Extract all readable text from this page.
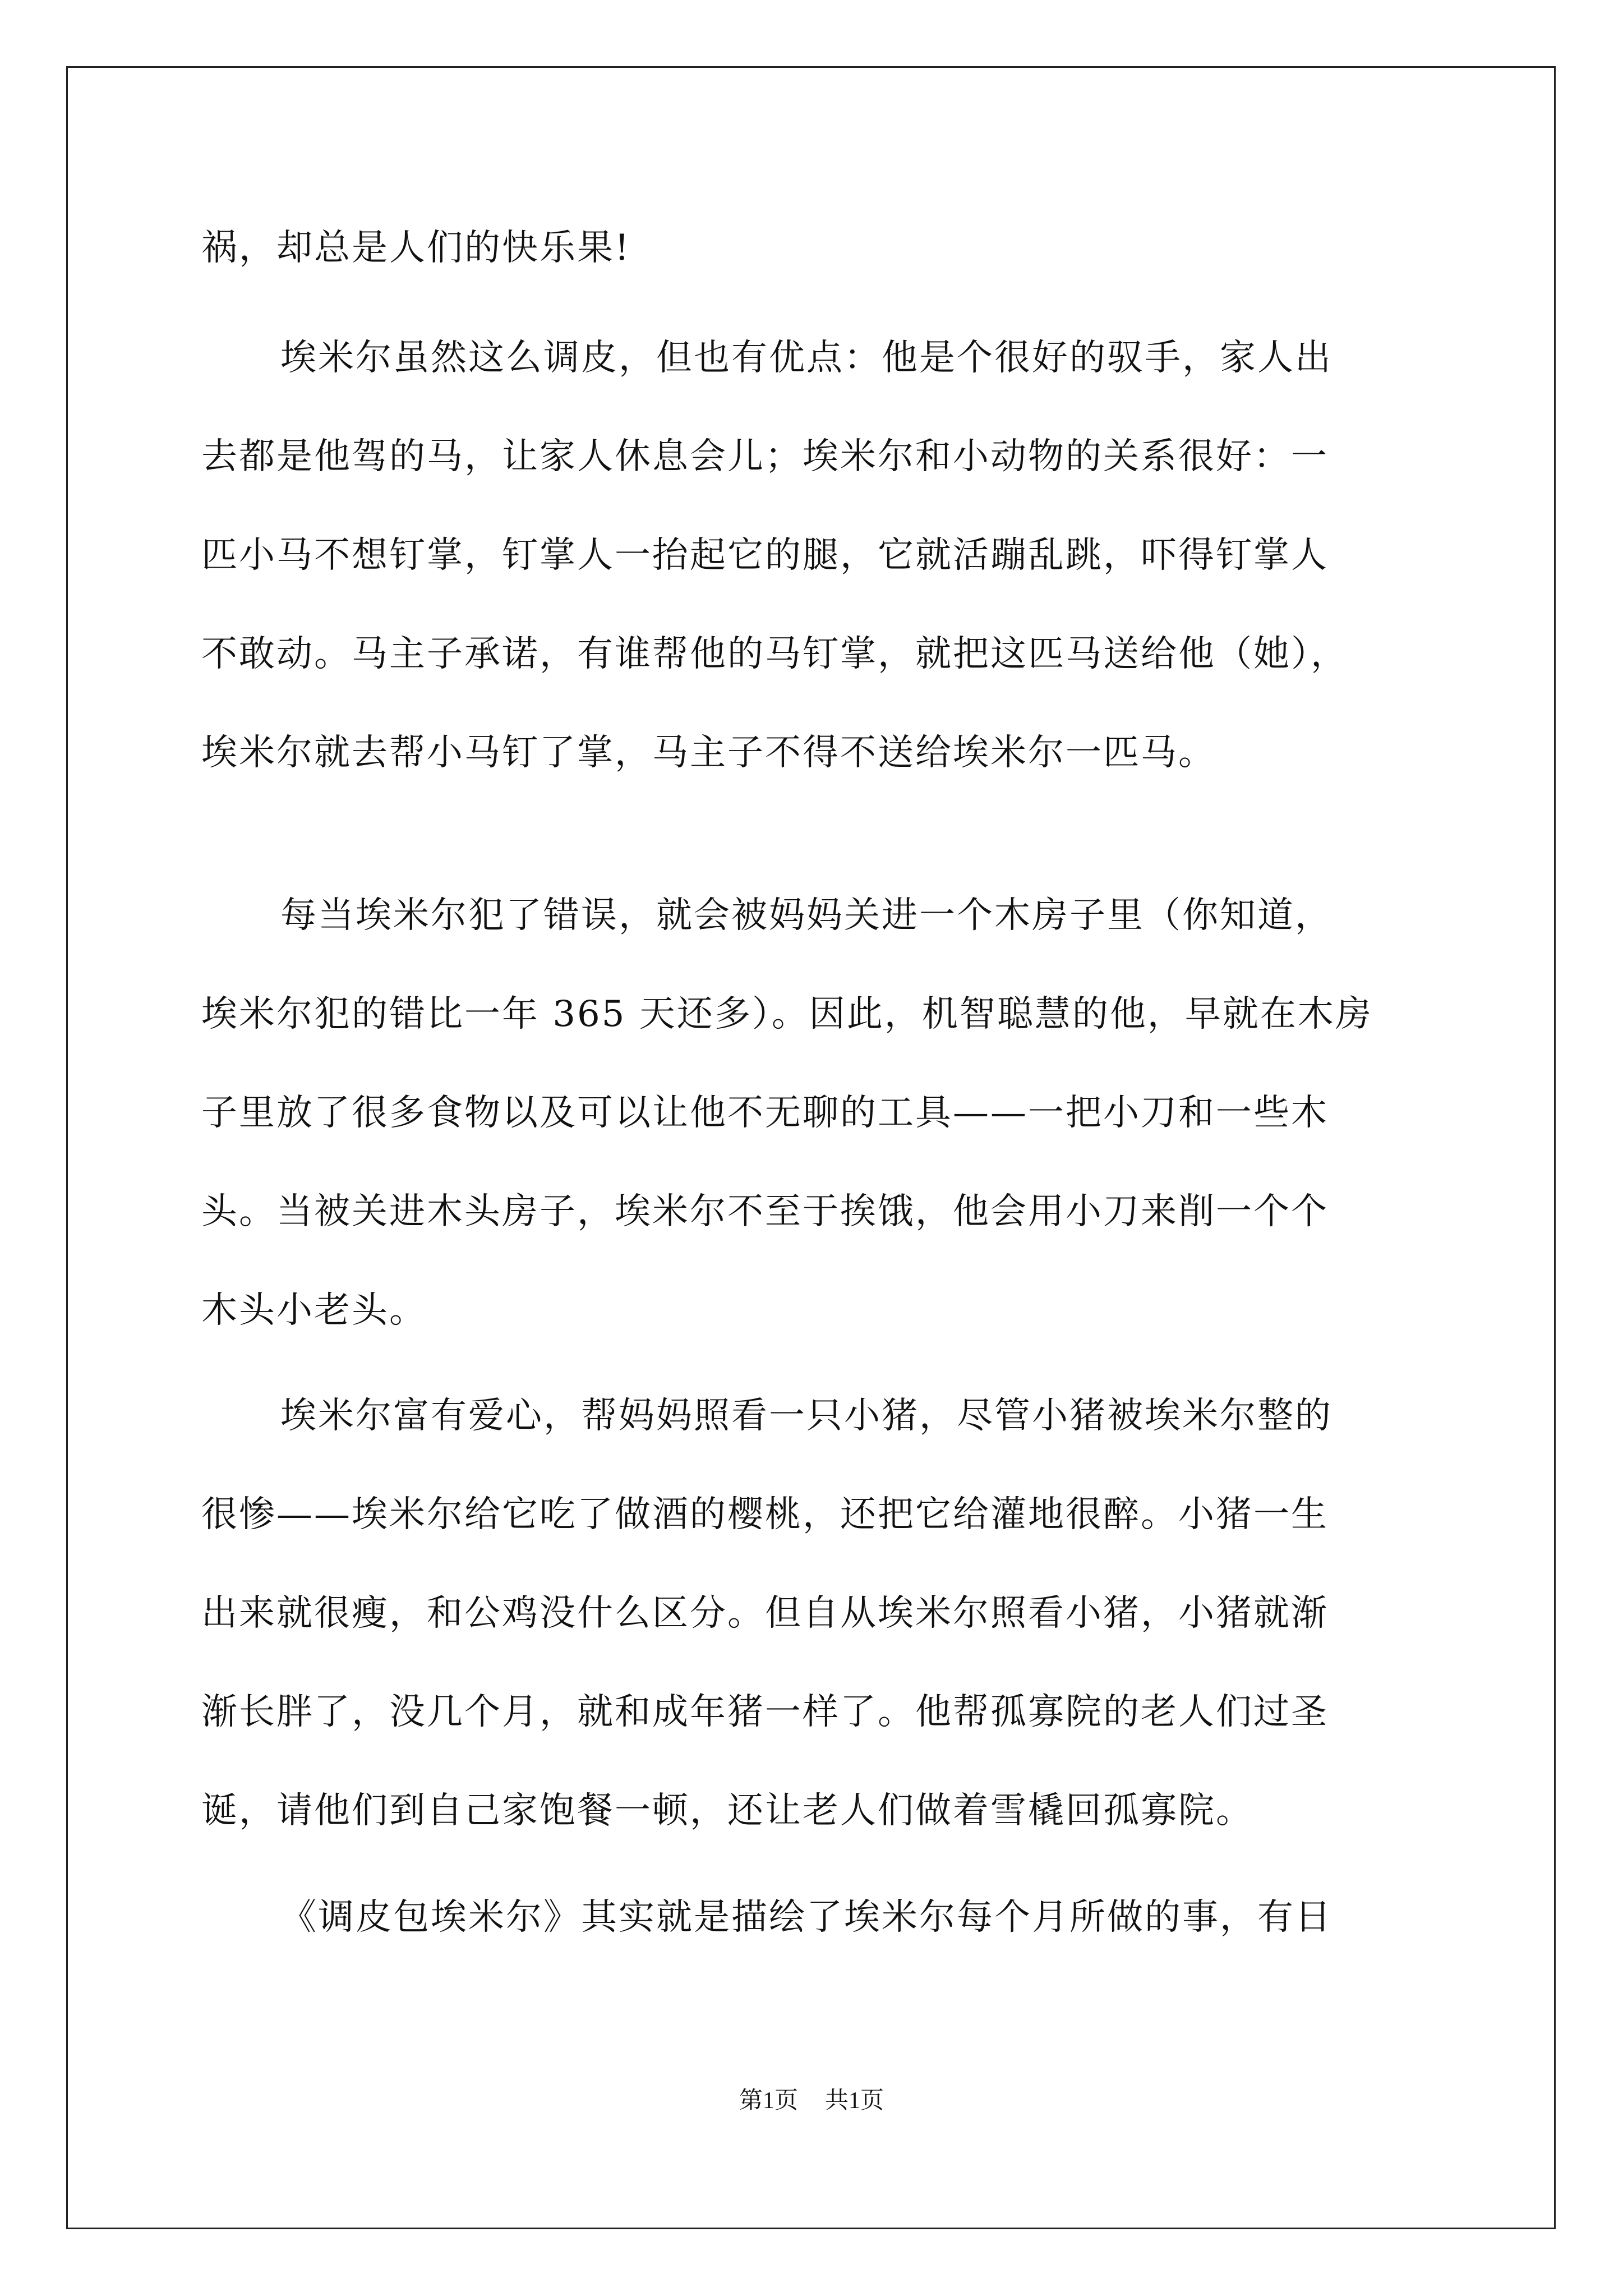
祸，却总是人们的快乐果!
埃米尔虽然这么调皮，但也有优点：他是个很好的驭手，家人出
去都是他驾的马，让家人休息会儿；埃米尔和小动物的关系很好：一
匹小马不想钉掌，钉掌人一抬起它的腿，它就活蹦乱跳，吓得钉掌人
不敢动。马主子承诺，有谁帮他的马钉掌，就把这匹马送给他（她），
埃米尔就去帮小马钉了掌，马主子不得不送给埃米尔一匹马。
每当埃米尔犯了错误，就会被妈妈关进一个木房子里（你知道，
埃米尔犯的错比一年 365 天还多）。因此，机智聪慧的他，早就在木房
子里放了很多食物以及可以让他不无聊的工具——一把小刀和一些木
头。当被关进木头房子，埃米尔不至于挨饿，他会用小刀来削一个个
木头小老头。
埃米尔富有爱心，帮妈妈照看一只小猪，尽管小猪被埃米尔整的
很惨——埃米尔给它吃了做酒的樱桃，还把它给灌地很醉。小猪一生
出来就很瘦，和公鸡没什么区分。但自从埃米尔照看小猪，小猪就渐
渐长胖了，没几个月，就和成年猪一样了。他帮孤寡院的老人们过圣
诞，请他们到自己家饱餐一顿，还让老人们做着雪橇回孤寡院。
《调皮包埃米尔》其实就是描绘了埃米尔每个月所做的事，有日
第1页 共1页
